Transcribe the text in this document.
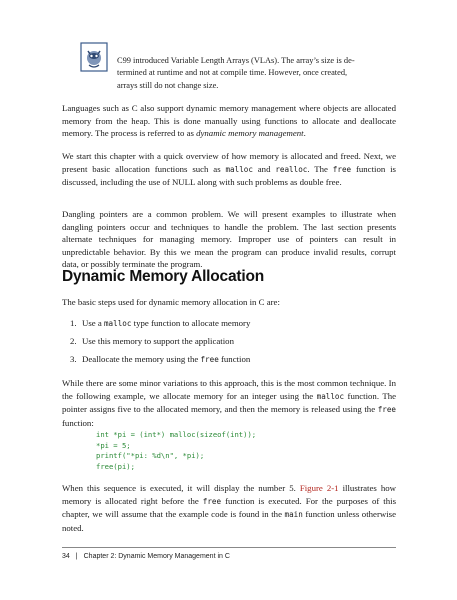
C99 introduced Variable Length Arrays (VLAs). The array’s size is de-
termined at runtime and not at compile time. However, once created,
arrays still do not change size.
Languages such as C also support dynamic memory management where objects are allocated memory from the heap. This is done manually using functions to allocate and deallocate memory. The process is referred to as dynamic memory management.
We start this chapter with a quick overview of how memory is allocated and freed. Next, we present basic allocation functions such as malloc and realloc. The free function is discussed, including the use of NULL along with such problems as double free.
Dangling pointers are a common problem. We will present examples to illustrate when dangling pointers occur and techniques to handle the problem. The last section presents alternate techniques for managing memory. Improper use of pointers can result in unpredictable behavior. By this we mean the program can produce invalid results, corrupt data, or possibly terminate the program.
Dynamic Memory Allocation
The basic steps used for dynamic memory allocation in C are:
1. Use a malloc type function to allocate memory
2. Use this memory to support the application
3. Deallocate the memory using the free function
While there are some minor variations to this approach, this is the most common technique. In the following example, we allocate memory for an integer using the malloc function. The pointer assigns five to the allocated memory, and then the memory is released using the free function:
int *pi = (int*) malloc(sizeof(int));
*pi = 5;
printf("*pi: %d\n", *pi);
free(pi);
When this sequence is executed, it will display the number 5. Figure 2-1 illustrates how memory is allocated right before the free function is executed. For the purposes of this chapter, we will assume that the example code is found in the main function unless otherwise noted.
34 | Chapter 2: Dynamic Memory Management in C
